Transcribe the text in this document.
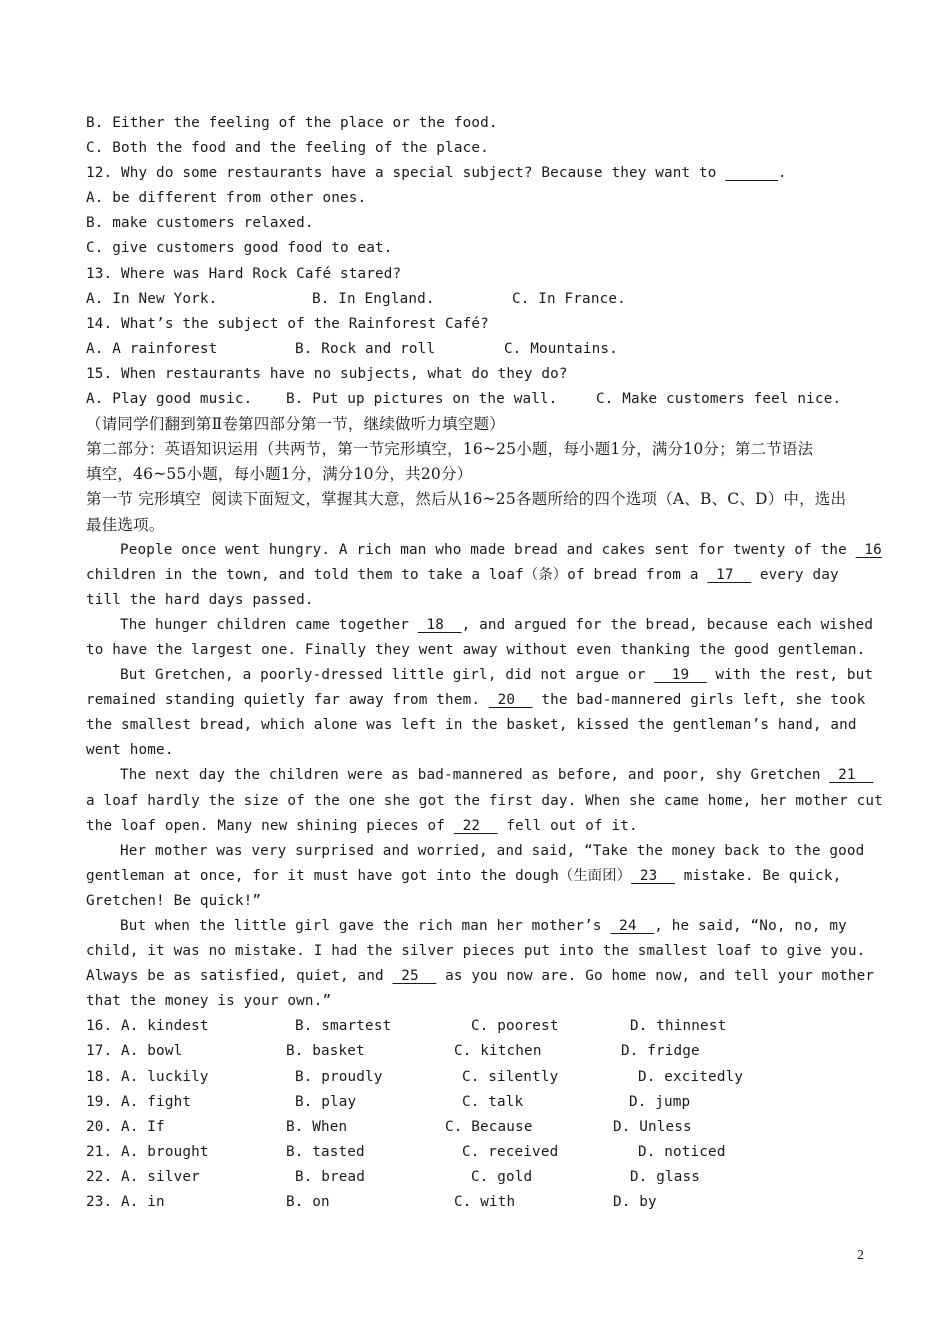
B. Either the feeling of the place or the food.
C. Both the food and the feeling of the place.
12. Why do some restaurants have a special subject? Because they want to ______.
A. be different from other ones.
B. make customers relaxed.
C. give customers good food to eat.
13. Where was Hard Rock Café stared?
A. In New York.	B. In England.	C. In France.
14. What’s the subject of the Rainforest Café?
A. A rainforest	B. Rock and roll	C. Mountains.
15. When restaurants have no subjects, what do they do?
A. Play good music.	B. Put up pictures on the wall.	C. Make customers feel nice.
（请同学们翻到第Ⅱ卷第四部分第一节，继续做听力填空题）
第二部分：英语知识运用（共两节，第一节完形填空，16~25小题，每小题1分，满分10分；第二节语法
填空，46~55小题，每小题1分，满分10分，共20分）
第一节 完形填空  阅读下面短文，掌握其大意，然后从16~25各题所给的四个选项（A、B、C、D）中，选出
最佳选项。
People once went hungry. A rich man who made bread and cakes sent for twenty of the  16
children in the town, and told them to take a loaf（条）of bread from a  17   every day
till the hard days passed.
The hunger children came together  18  , and argued for the bread, because each wished
to have the largest one. Finally they went away without even thanking the good gentleman.
But Gretchen, a poorly-dressed little girl, did not argue or   19   with the rest, but
remained standing quietly far away from them.  20   the bad-mannered girls left, she took
the smallest bread, which alone was left in the basket, kissed the gentleman’s hand, and
went home.
The next day the children were as bad-mannered as before, and poor, shy Gretchen  21
a loaf hardly the size of the one she got the first day. When she came home, her mother cut
the loaf open. Many new shining pieces of  22   fell out of it.
Her mother was very surprised and worried, and said, “Take the money back to the good
gentleman at once, for it must have got into the dough（生面团） 23   mistake. Be quick,
Gretchen! Be quick!”
But when the little girl gave the rich man her mother’s  24  , he said, “No, no, my
child, it was no mistake. I had the silver pieces put into the smallest loaf to give you.
Always be as satisfied, quiet, and  25   as you now are. Go home now, and tell your mother
that the money is your own.”
16. A. kindest	B. smartest	C. poorest	D. thinnest
17. A. bowl	B. basket	C. kitchen	D. fridge
18. A. luckily	B. proudly	C. silently	D. excitedly
19. A. fight	B. play	C. talk	D. jump
20. A. If	B. When	C. Because	D. Unless
21. A. brought	B. tasted	C. received	D. noticed
22. A. silver	B. bread	C. gold	D. glass
23. A. in	B. on	C. with	D. by
2
